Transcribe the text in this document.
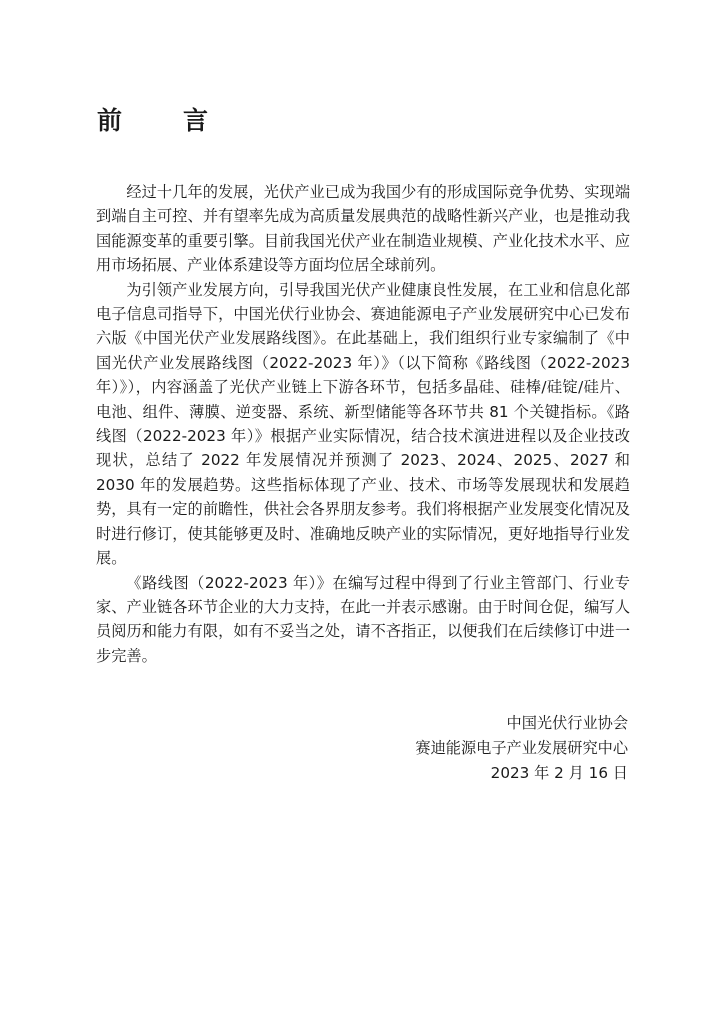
前　言

经过十几年的发展，光伏产业已成为我国少有的形成国际竞争优势、实现端到端自主可控、并有望率先成为高质量发展典范的战略性新兴产业，也是推动我国能源变革的重要引擎。目前我国光伏产业在制造业规模、产业化技术水平、应用市场拓展、产业体系建设等方面均位居全球前列。

为引领产业发展方向，引导我国光伏产业健康良性发展，在工业和信息化部电子信息司指导下，中国光伏行业协会、赛迪能源电子产业发展研究中心已发布六版《中国光伏产业发展路线图》。在此基础上，我们组织行业专家编制了《中国光伏产业发展路线图（2022-2023 年）》（以下简称《路线图（2022-2023 年）》），内容涵盖了光伏产业链上下游各环节，包括多晶硅、硅棒/硅锭/硅片、电池、组件、薄膜、逆变器、系统、新型储能等各环节共 81 个关键指标。《路线图（2022-2023 年）》根据产业实际情况，结合技术演进进程以及企业技改现状，总结了 2022 年发展情况并预测了 2023、2024、2025、2027 和 2030 年的发展趋势。这些指标体现了产业、技术、市场等发展现状和发展趋势，具有一定的前瞻性，供社会各界朋友参考。我们将根据产业发展变化情况及时进行修订，使其能够更及时、准确地反映产业的实际情况，更好地指导行业发展。

《路线图（2022-2023 年）》在编写过程中得到了行业主管部门、行业专家、产业链各环节企业的大力支持，在此一并表示感谢。由于时间仓促，编写人员阅历和能力有限，如有不妥当之处，请不吝指正，以便我们在后续修订中进一步完善。

中国光伏行业协会
赛迪能源电子产业发展研究中心
2023 年 2 月 16 日
